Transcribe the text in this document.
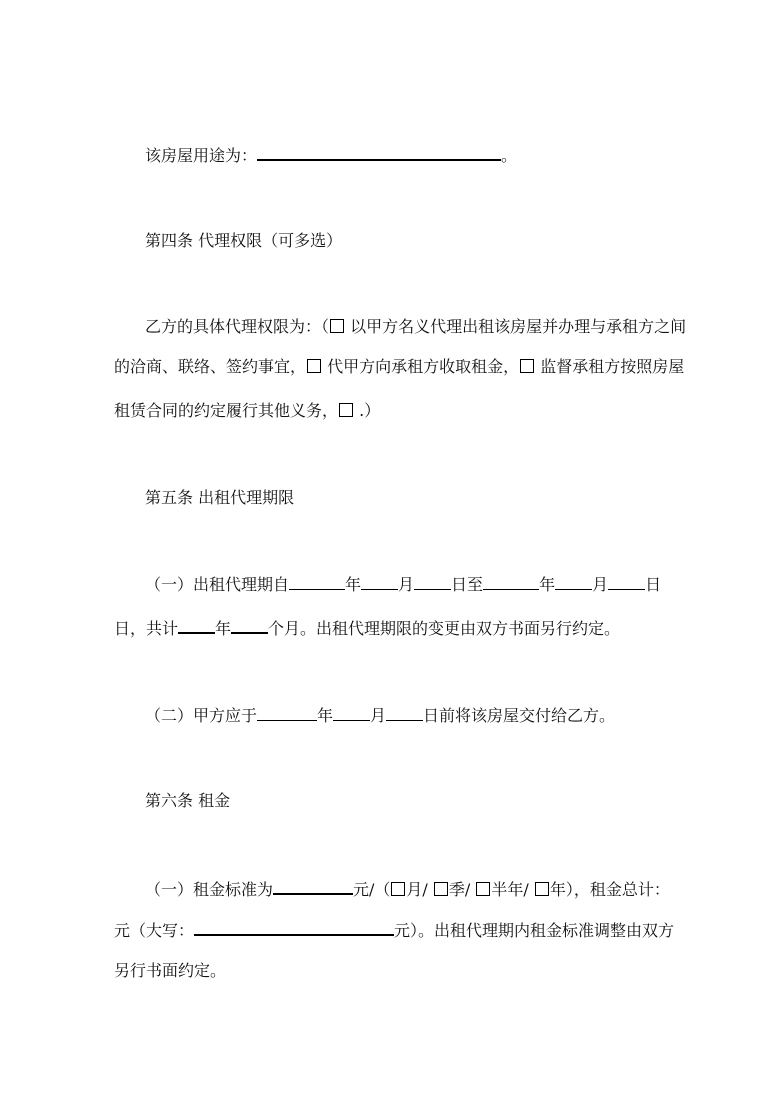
该房屋用途为：	。
第四条 代理权限（可多选）
乙方的具体代理权限为：（ 以甲方名义代理出租该房屋并办理与承租方之间
的洽商、联络、签约事宜， 代甲方向承租方收取租金， 监督承租方按照房屋
租赁合同的约定履行其他义务， .）
第五条 出租代理期限
（一）出租代理期自	年 月 日至	年 月 日
日，共计 年 个月。出租代理期限的变更由双方书面另行约定。
（二）甲方应于	年 月 日前将该房屋交付给乙方。
第六条 租金
（一）租金标准为	元/（ 月/ 季/ 半年/ 年），租金总计：
元（大写：	元）。出租代理期内租金标准调整由双方
另行书面约定。
